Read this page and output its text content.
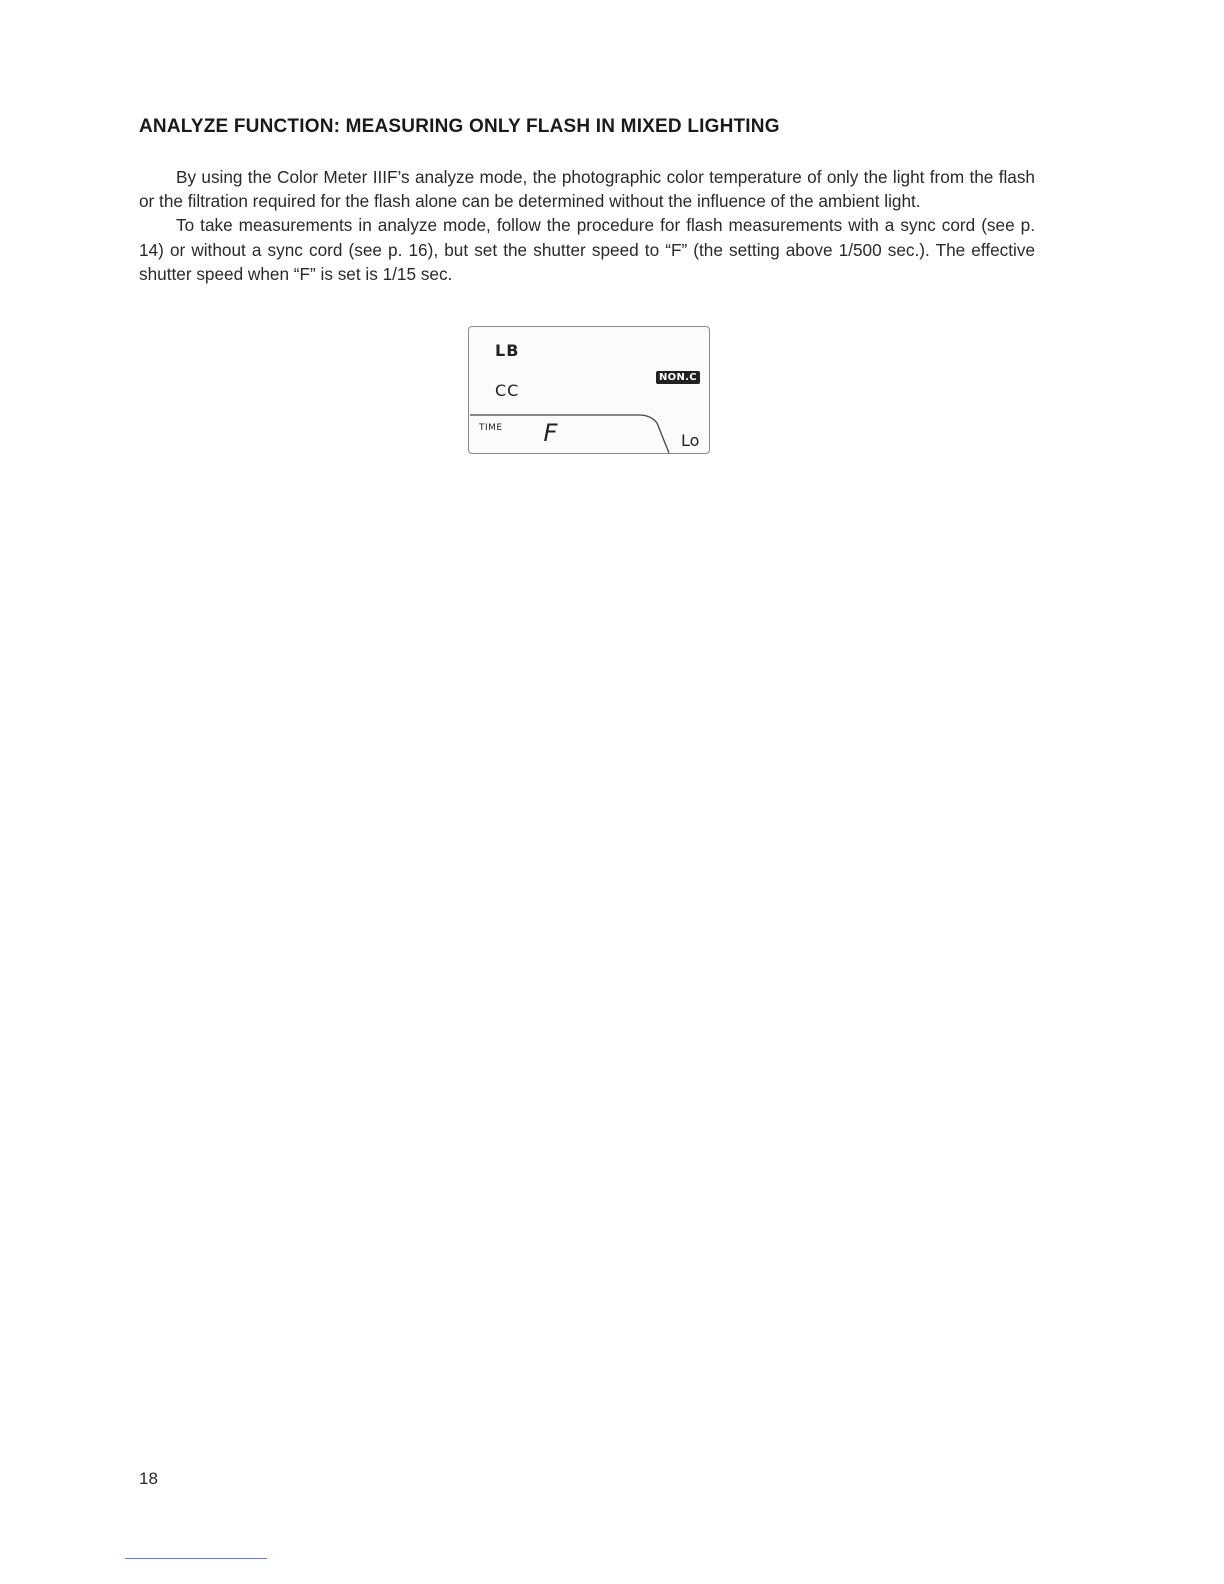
ANALYZE FUNCTION: MEASURING ONLY FLASH IN MIXED LIGHTING

By using the Color Meter IIIF’s analyze mode, the photographic color temperature of only the light from the flash or the filtration required for the flash alone can be determined without the influence of the ambient light.

To take measurements in analyze mode, follow the procedure for flash measurements with a sync cord (see p. 14) or without a sync cord (see p. 16), but set the shutter speed to “F” (the setting above 1/500 sec.). The effective shutter speed when “F” is set is 1/15 sec.

LB
CC
NON.C
TIME F	Lo
18
